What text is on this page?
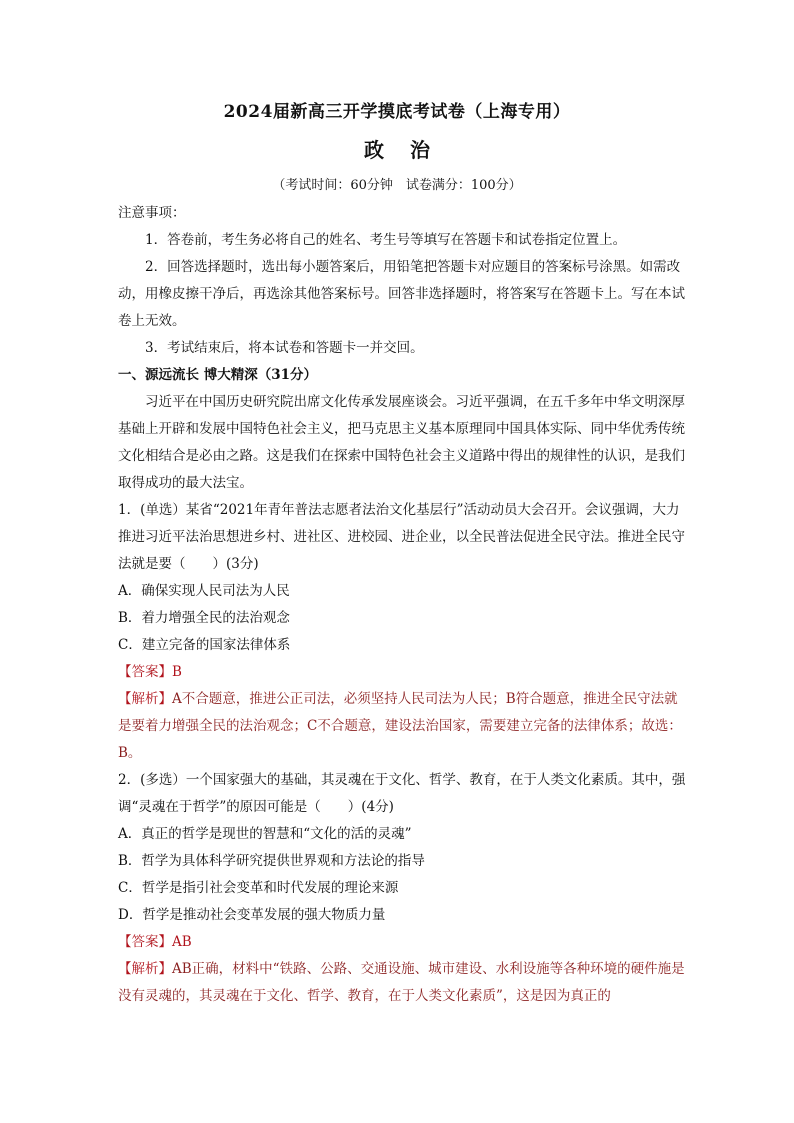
2024届新高三开学摸底考试卷（上海专用）
政治
（考试时间：60分钟　试卷满分：100分）

注意事项：

1．答卷前，考生务必将自己的姓名、考生号等填写在答题卡和试卷指定位置上。

2．回答选择题时，选出每小题答案后，用铅笔把答题卡对应题目的答案标号涂黑。如需改动，用橡皮擦干净后，再选涂其他答案标号。回答非选择题时，将答案写在答题卡上。写在本试卷上无效。

3．考试结束后，将本试卷和答题卡一并交回。

一、源远流长 博大精深（31分）

习近平在中国历史研究院出席文化传承发展座谈会。习近平强调，在五千多年中华文明深厚基础上开辟和发展中国特色社会主义，把马克思主义基本原理同中国具体实际、同中华优秀传统文化相结合是必由之路。这是我们在探索中国特色社会主义道路中得出的规律性的认识，是我们取得成功的最大法宝。

1．(单选）某省“2021年青年普法志愿者法治文化基层行”活动动员大会召开。会议强调，大力推进习近平法治思想进乡村、进社区、进校园、进企业，以全民普法促进全民守法。推进全民守法就是要（　　）(3分)

A．确保实现人民司法为人民

B．着力增强全民的法治观念

C．建立完备的国家法律体系

【答案】B

【解析】A不合题意，推进公正司法，必须坚持人民司法为人民；B符合题意，推进全民守法就是要着力增强全民的法治观念；C不合题意，建设法治国家，需要建立完备的法律体系；故选：B。

2．(多选）一个国家强大的基础，其灵魂在于文化、哲学、教育，在于人类文化素质。其中，强调“灵魂在于哲学”的原因可能是（　　）(4分)

A．真正的哲学是现世的智慧和“文化的活的灵魂”

B．哲学为具体科学研究提供世界观和方法论的指导

C．哲学是指引社会变革和时代发展的理论来源

D．哲学是推动社会变革发展的强大物质力量

【答案】AB

【解析】AB正确，材料中“铁路、公路、交通设施、城市建设、水利设施等各种环境的硬件施是没有灵魂的，其灵魂在于文化、哲学、教育，在于人类文化素质”，这是因为真正的
